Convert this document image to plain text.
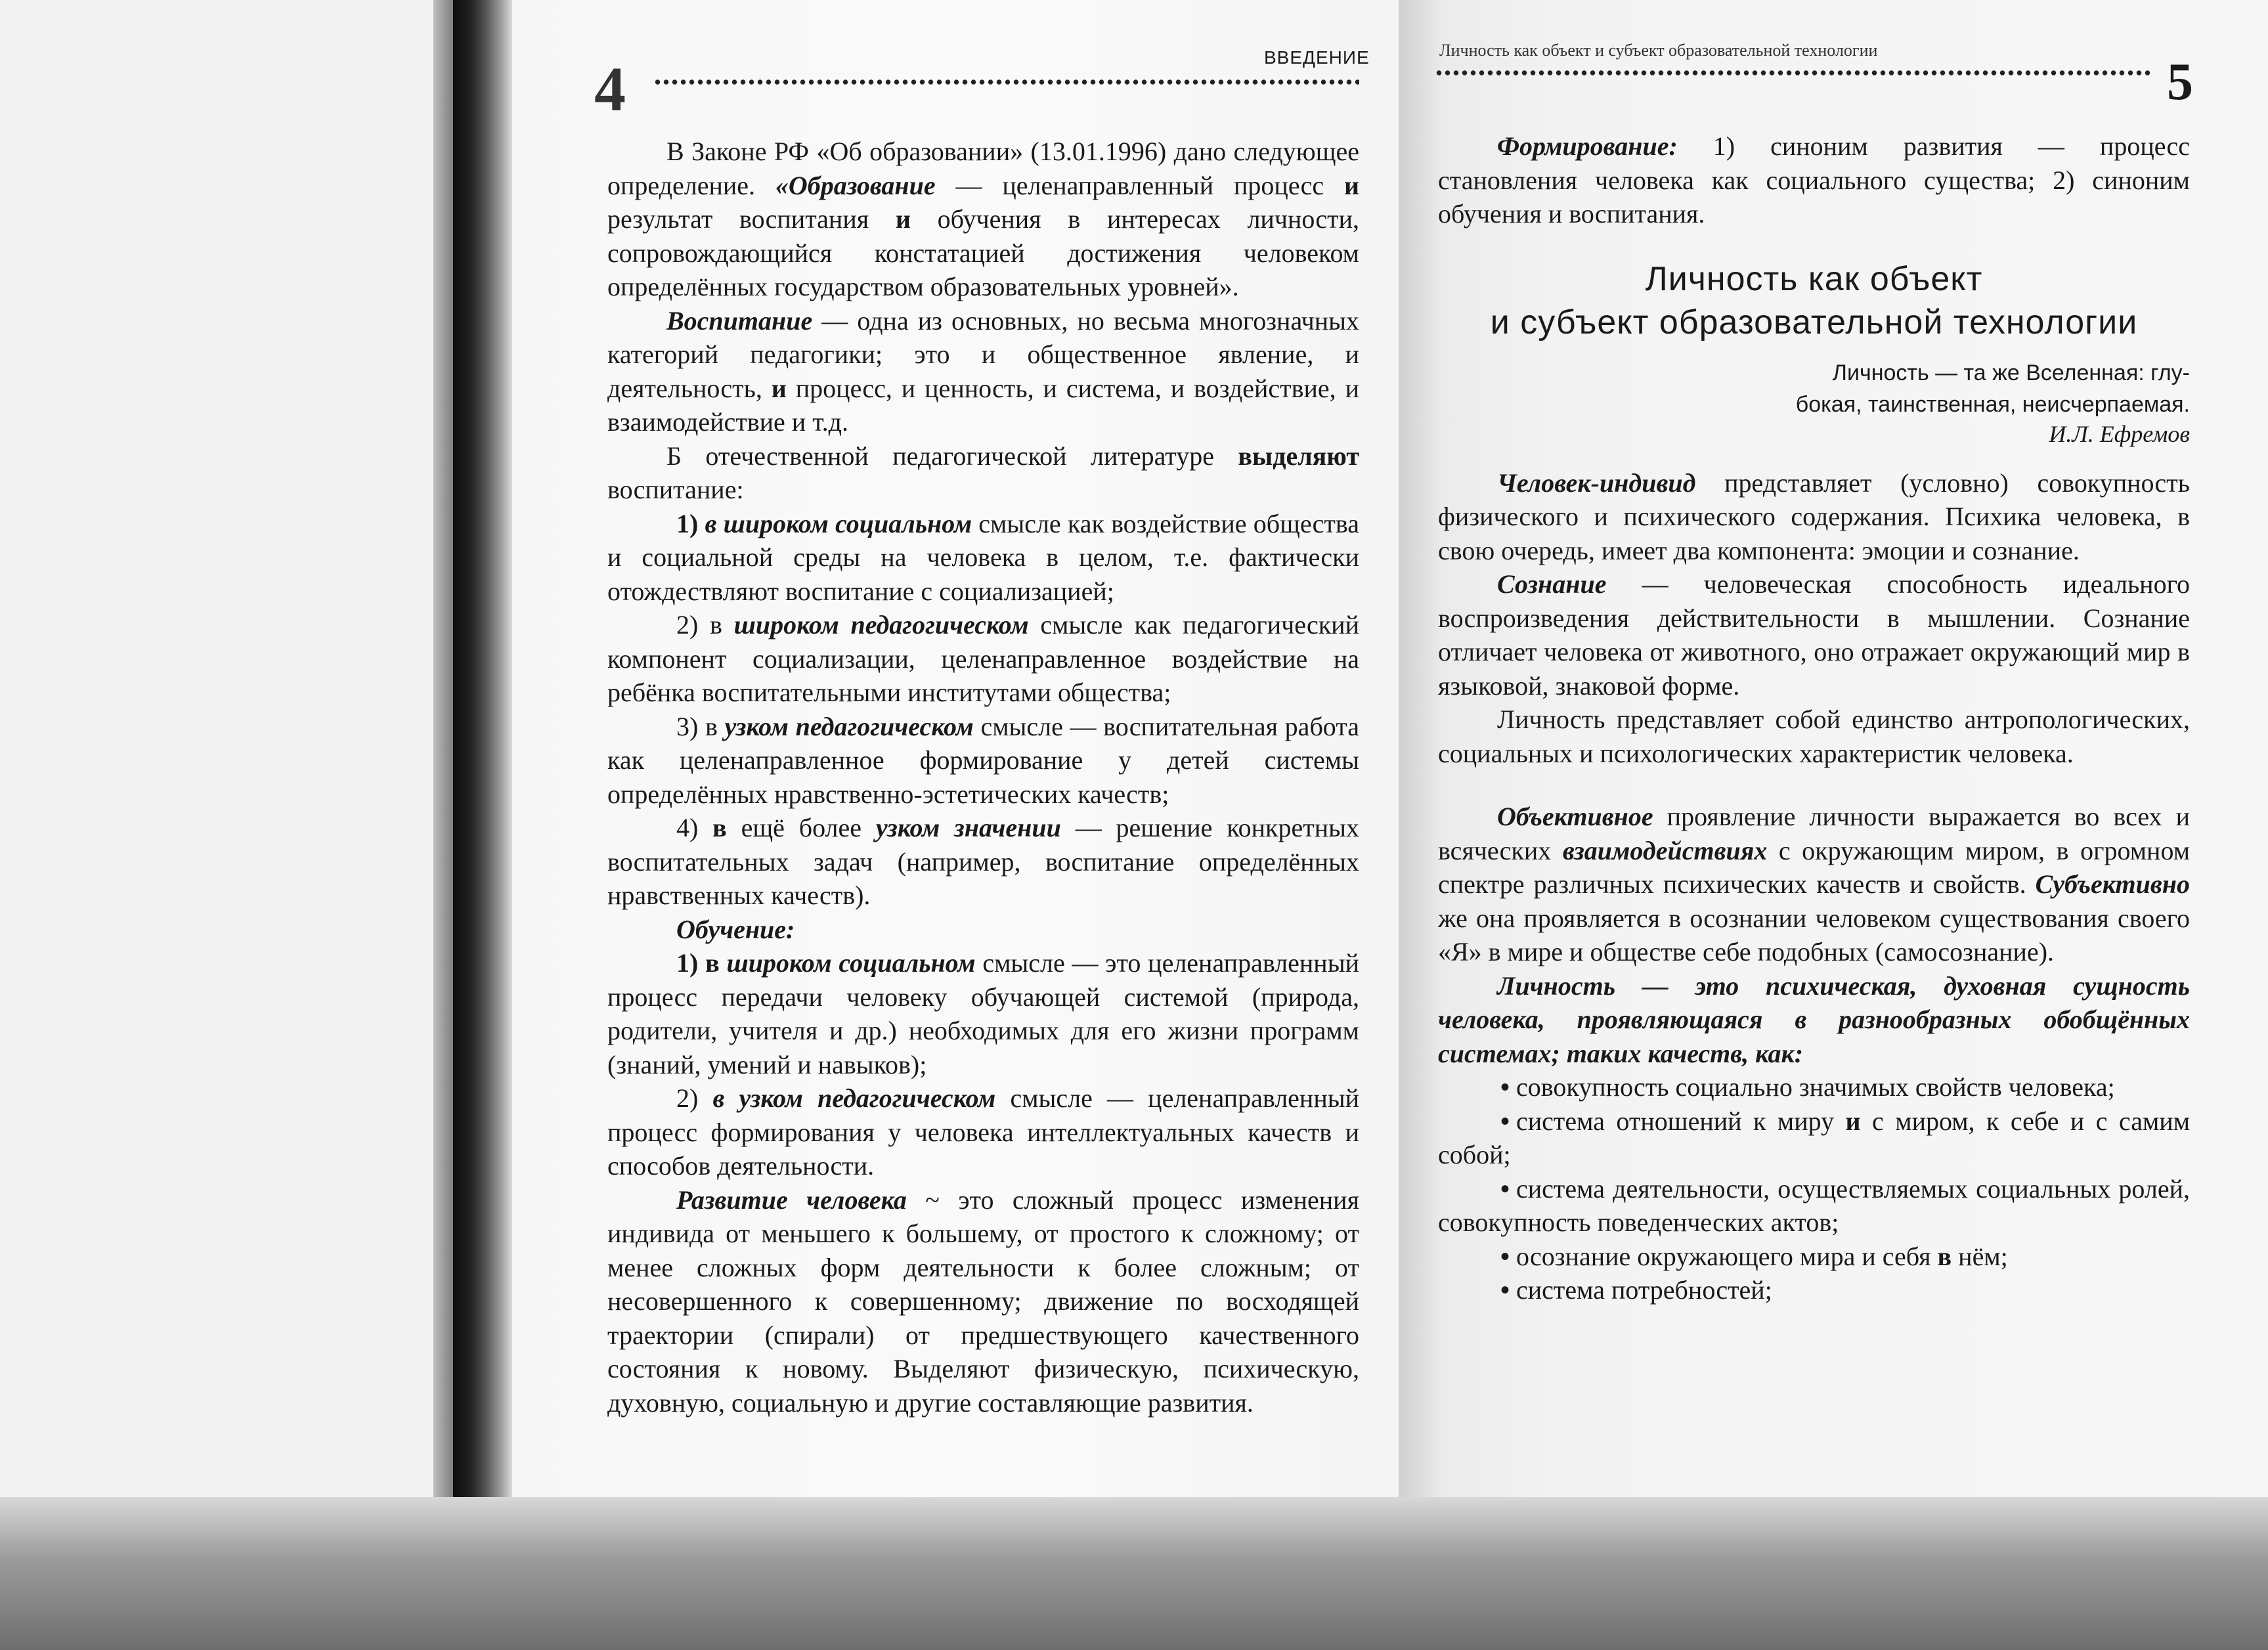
4	ВВЕДЕНИЕ	Личность как объект и субъект образовательной технологии
5

В Законе РФ «Об образовании» (13.01.1996) дано следующее определение. «Образование — целенаправленный процесс и результат воспитания и обучения в интересах личности, сопровождающийся констатацией достижения человеком определённых государством образовательных уровней».

Воспитание — одна из основных, но весьма многозначных категорий педагогики; это и общественное явление, и деятельность, и процесс, и ценность, и система, и воздействие, и взаимодействие и т.д.

Б отечественной педагогической литературе выделяют воспитание:

1) в широком социальном смысле как воздействие общества и социальной среды на человека в целом, т.е. фактически отождествляют воспитание с социализацией;

2) в широком педагогическом смысле как педагогический компонент социализации, целенаправленное воздействие на ребёнка воспитательными институтами общества;

3) в узком педагогическом смысле — воспитательная работа как целенаправленное формирование у детей системы определённых нравственно-эстетических качеств;

4) в ещё более узком значении — решение конкретных воспитательных задач (например, воспитание определённых нравственных качеств).

Обучение:

1) в широком социальном смысле — это целенаправленный процесс передачи человеку обучающей системой (природа, родители, учителя и др.) необходимых для его жизни программ (знаний, умений и навыков);

2) в узком педагогическом смысле — целенаправленный процесс формирования у человека интеллектуальных качеств и способов деятельности.

Развитие человека ~ это сложный процесс изменения индивида от меньшего к большему, от простого к сложному; от менее сложных форм деятельности к более сложным; от несовершенного к совершенному; движение по восходящей траектории (спирали) от предшествующего качественного состояния к новому. Выделяют физическую, психическую, духовную, социальную и другие составляющие развития.

Формирование: 1) синоним развития — процесс становления человека как социального существа; 2) синоним обучения и воспитания.

Личность как объект
и субъект образовательной технологии
Личность — та же Вселенная: глу-
бокая, таинственная, неисчерпаемая.
И.Л. Ефремов

Человек-индивид представляет (условно) совокупность физического и психического содержания. Психика человека, в свою очередь, имеет два компонента: эмоции и сознание.

Сознание — человеческая способность идеального воспроизведения действительности в мышлении. Сознание отличает человека от животного, оно отражает окружающий мир в языковой, знаковой форме.

Личность представляет собой единство антропологических, социальных и психологических характеристик человека.

Объективное проявление личности выражается во всех и всяческих взаимодействиях с окружающим миром, в огромном спектре различных психических качеств и свойств. Субъективно же она проявляется в осознании человеком существования своего «Я» в мире и обществе себе подобных (самосознание).

Личность — это психическая, духовная сущность человека, проявляющаяся в разнообразных обобщённых системах; таких качеств, как:

• совокупность социально значимых свойств человека;

• система отношений к миру и с миром, к себе и с самим собой;

• система деятельности, осуществляемых социальных ролей, совокупность поведенческих актов;

• осознание окружающего мира и себя в нём;

• система потребностей;
